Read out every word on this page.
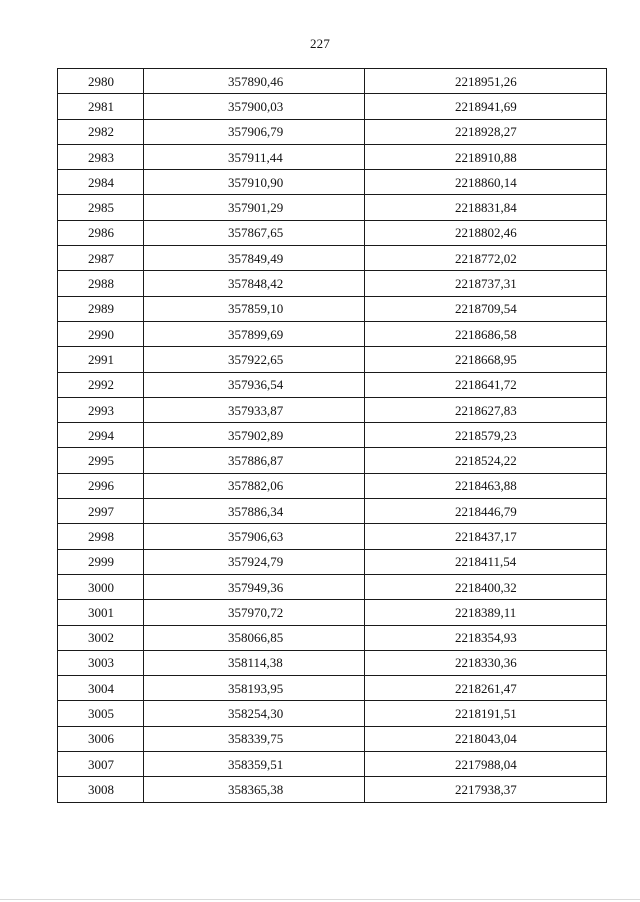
227
2980	357890,46	2218951,26
2981	357900,03	2218941,69
2982	357906,79	2218928,27
2983	357911,44	2218910,88
2984	357910,90	2218860,14
2985	357901,29	2218831,84
2986	357867,65	2218802,46
2987	357849,49	2218772,02
2988	357848,42	2218737,31
2989	357859,10	2218709,54
2990	357899,69	2218686,58
2991	357922,65	2218668,95
2992	357936,54	2218641,72
2993	357933,87	2218627,83
2994	357902,89	2218579,23
2995	357886,87	2218524,22
2996	357882,06	2218463,88
2997	357886,34	2218446,79
2998	357906,63	2218437,17
2999	357924,79	2218411,54
3000	357949,36	2218400,32
3001	357970,72	2218389,11
3002	358066,85	2218354,93
3003	358114,38	2218330,36
3004	358193,95	2218261,47
3005	358254,30	2218191,51
3006	358339,75	2218043,04
3007	358359,51	2217988,04
3008	358365,38	2217938,37
